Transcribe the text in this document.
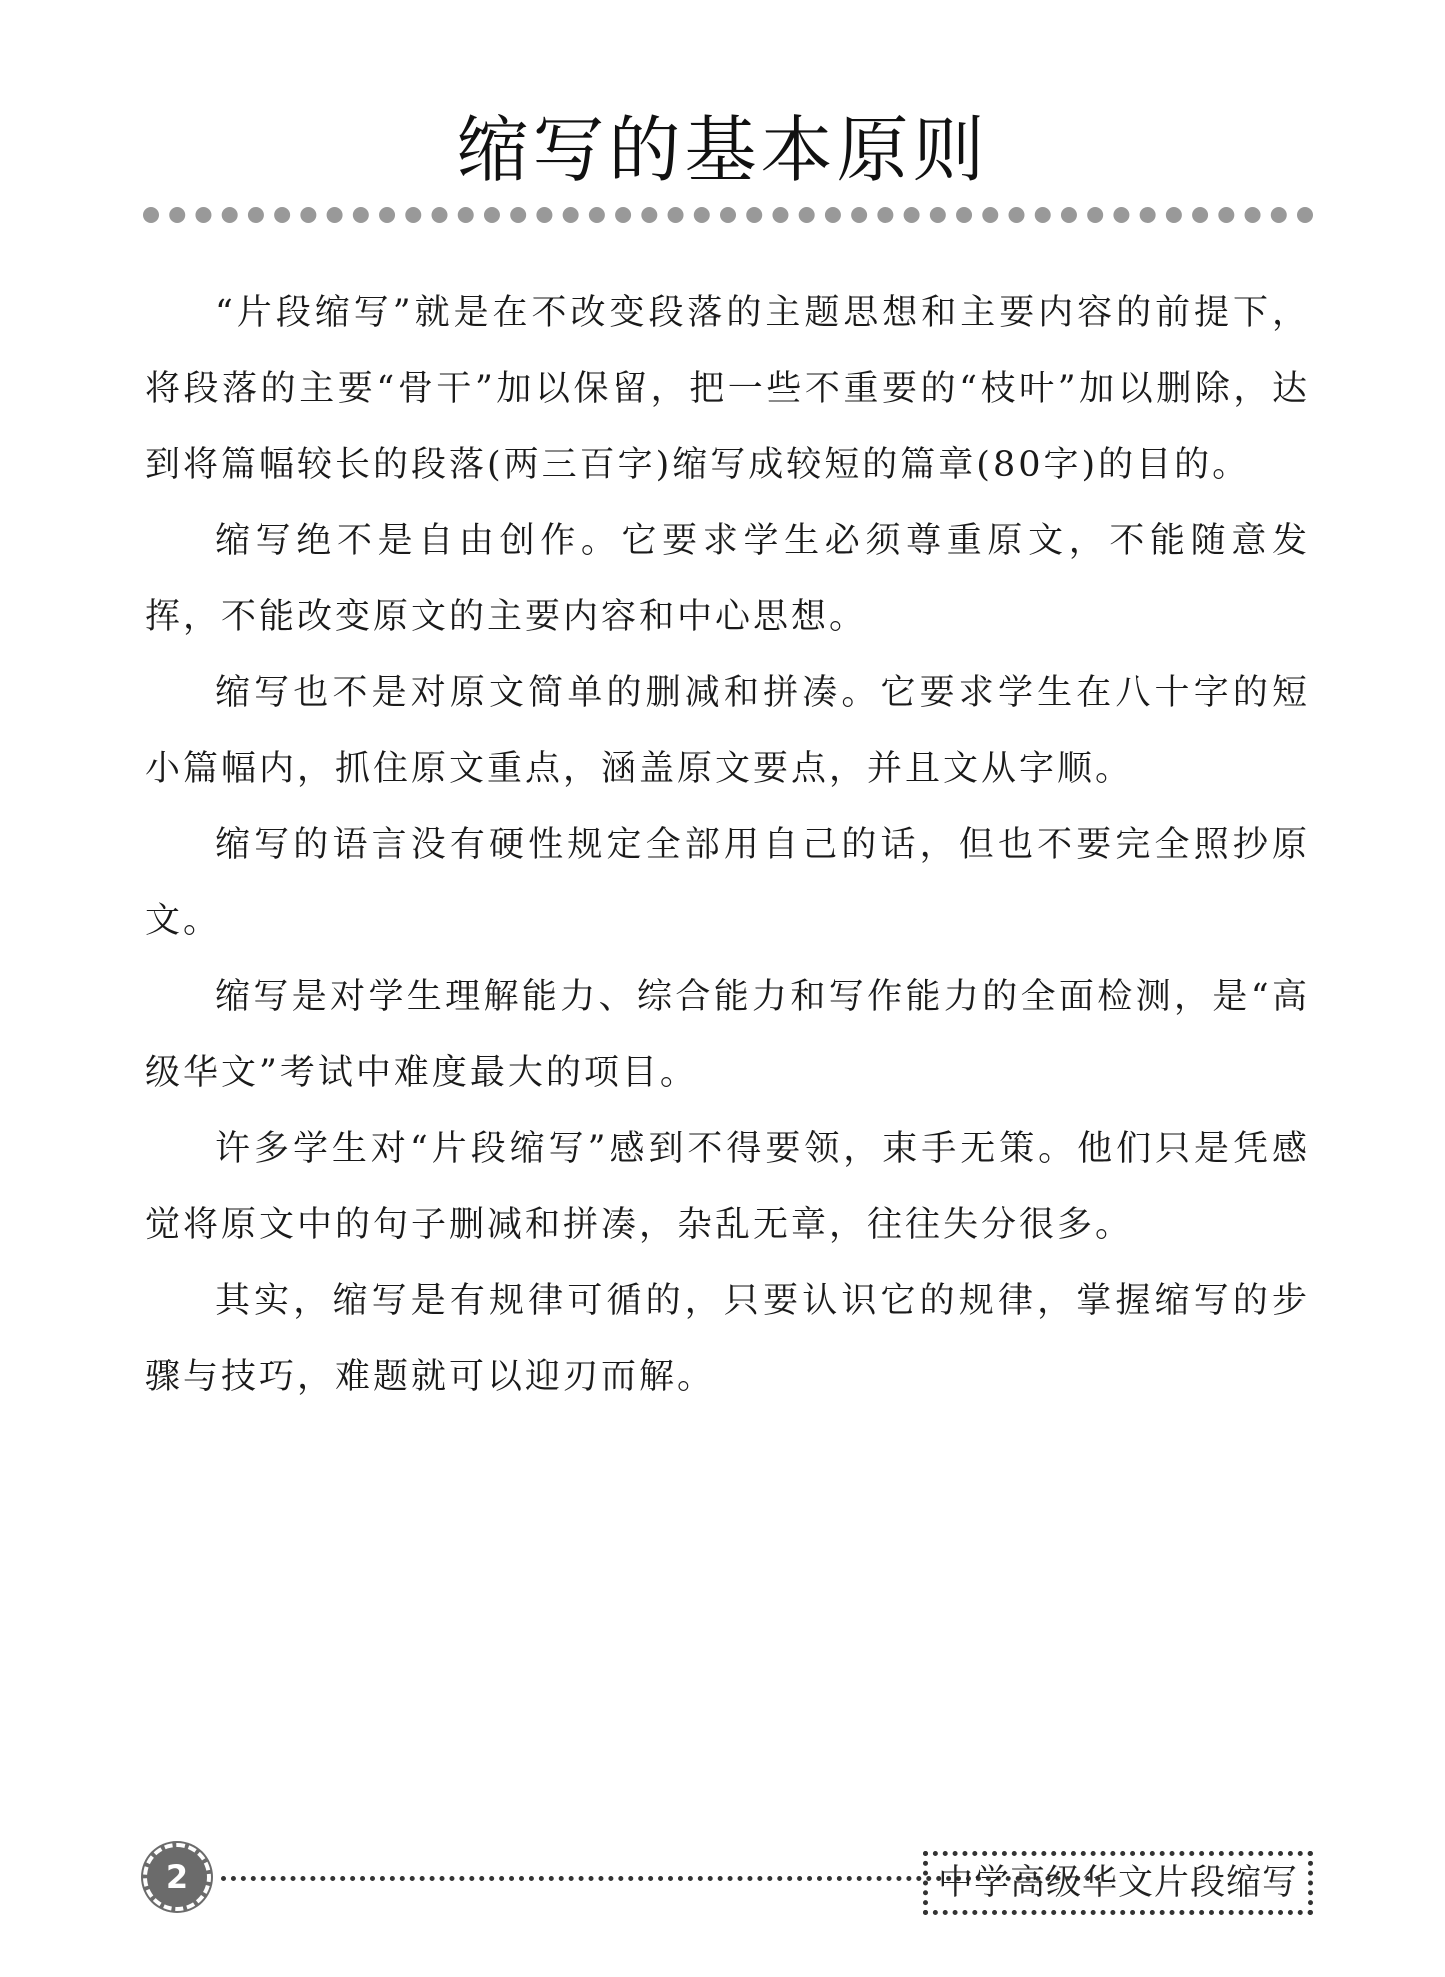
缩写的基本原则

“片段缩写”就是在不改变段落的主题思想和主要内容的前提下，将段落的主要“骨干”加以保留，把一些不重要的“枝叶”加以删除，达到将篇幅较长的段落(两三百字)缩写成较短的篇章(80字)的目的。

缩写绝不是自由创作。它要求学生必须尊重原文，不能随意发挥，不能改变原文的主要内容和中心思想。

缩写也不是对原文简单的删减和拼凑。它要求学生在八十字的短小篇幅内，抓住原文重点，涵盖原文要点，并且文从字顺。

缩写的语言没有硬性规定全部用自己的话，但也不要完全照抄原文。

缩写是对学生理解能力、综合能力和写作能力的全面检测，是“高级华文”考试中难度最大的项目。

许多学生对“片段缩写”感到不得要领，束手无策。他们只是凭感觉将原文中的句子删减和拼凑，杂乱无章，往往失分很多。

其实，缩写是有规律可循的，只要认识它的规律，掌握缩写的步骤与技巧，难题就可以迎刃而解。

2	中学高级华文片段缩写
